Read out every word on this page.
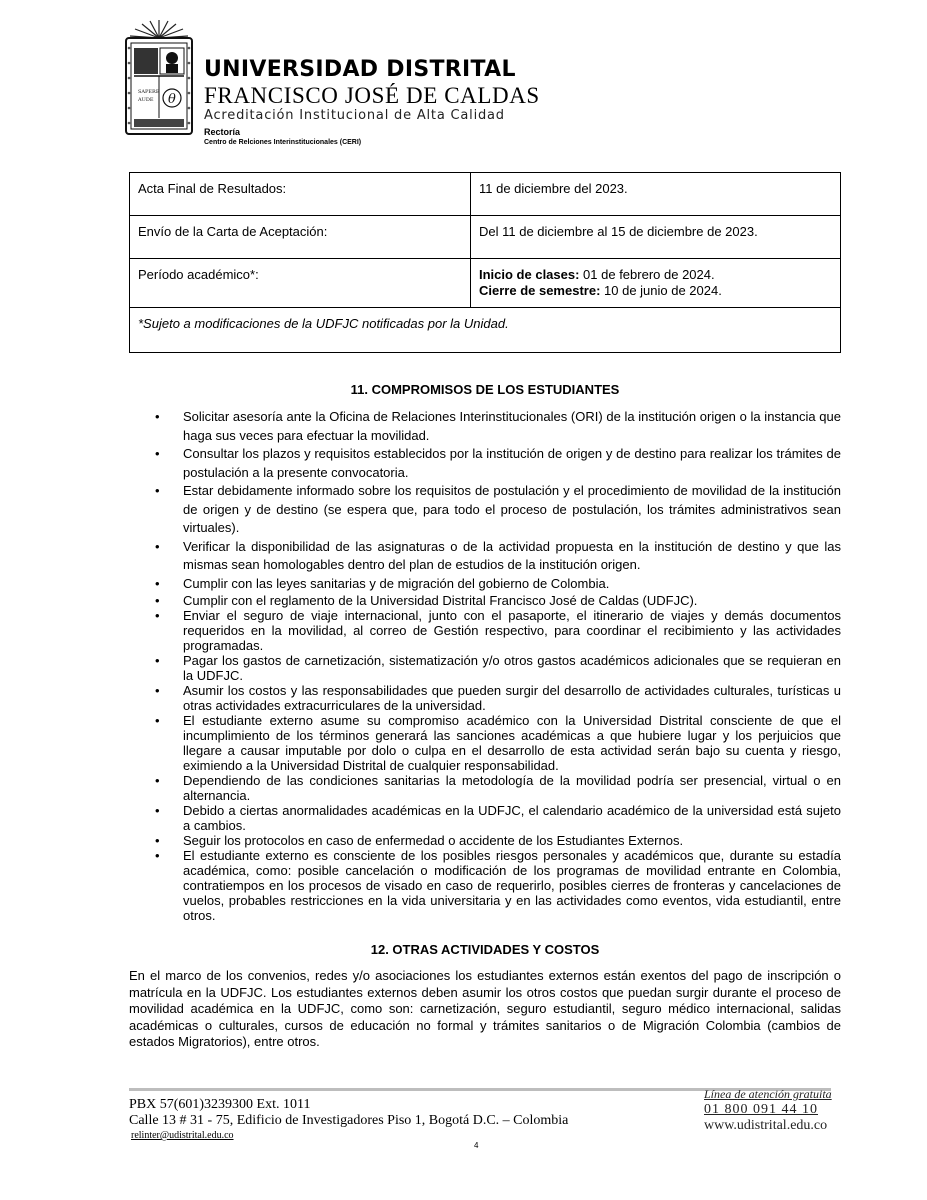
SAPERE
AUDE θ
UNIVERSIDAD DISTRITAL
FRANCISCO JOSÉ DE CALDAS
Acreditación Institucional de Alta Calidad
Rectoría
Centro de Relciones Interinstitucionales (CERI)
Acta Final de Resultados:	11 de diciembre del 2023.
Envío de la Carta de Aceptación:	Del 11 de diciembre al 15 de diciembre de 2023.
Período académico*:	Inicio de clases: 01 de febrero de 2024.
Cierre de semestre: 10 de junio de 2024.

*Sujeto a modificaciones de la UDFJC notificadas por la Unidad.	
11. COMPROMISOS DE LOS ESTUDIANTES
• Solicitar asesoría ante la Oficina de Relaciones Interinstitucionales (ORI) de la institución origen o la instancia que haga sus veces para efectuar la movilidad.
• Consultar los plazos y requisitos establecidos por la institución de origen y de destino para realizar los trámites de postulación a la presente convocatoria.
• Estar debidamente informado sobre los requisitos de postulación y el procedimiento de movilidad de la institución de origen y de destino (se espera que, para todo el proceso de postulación, los trámites administrativos sean virtuales).
• Verificar la disponibilidad de las asignaturas o de la actividad propuesta en la institución de destino y que las mismas sean homologables dentro del plan de estudios de la institución origen.
• Cumplir con las leyes sanitarias y de migración del gobierno de Colombia.
• Cumplir con el reglamento de la Universidad Distrital Francisco José de Caldas (UDFJC).
• Enviar el seguro de viaje internacional, junto con el pasaporte, el itinerario de viajes y demás documentos requeridos en la movilidad, al correo de Gestión respectivo, para coordinar el recibimiento y las actividades programadas.
• Pagar los gastos de carnetización, sistematización y/o otros gastos académicos adicionales que se requieran en la UDFJC.
• Asumir los costos y las responsabilidades que pueden surgir del desarrollo de actividades culturales, turísticas u otras actividades extracurriculares de la universidad.
• El estudiante externo asume su compromiso académico con la Universidad Distrital consciente de que el incumplimiento de los términos generará las sanciones académicas a que hubiere lugar y los perjuicios que llegare a causar imputable por dolo o culpa en el desarrollo de esta actividad serán bajo su cuenta y riesgo, eximiendo a la Universidad Distrital de cualquier responsabilidad.
• Dependiendo de las condiciones sanitarias la metodología de la movilidad podría ser presencial, virtual o en alternancia.
• Debido a ciertas anormalidades académicas en la UDFJC, el calendario académico de la universidad está sujeto a cambios.
• Seguir los protocolos en caso de enfermedad o accidente de los Estudiantes Externos.
• El estudiante externo es consciente de los posibles riesgos personales y académicos que, durante su estadía académica, como: posible cancelación o modificación de los programas de movilidad entrante en Colombia, contratiempos en los procesos de visado en caso de requerirlo, posibles cierres de fronteras y cancelaciones de vuelos, probables restricciones en la vida universitaria y en las actividades como eventos, vida estudiantil, entre otros.
12. OTRAS ACTIVIDADES Y COSTOS

En el marco de los convenios, redes y/o asociaciones los estudiantes externos están exentos del pago de inscripción o matrícula en la UDFJC. Los estudiantes externos deben asumir los otros costos que puedan surgir durante el proceso de movilidad académica en la UDFJC, como son: carnetización, seguro estudiantil, seguro médico internacional, salidas académicas o culturales, cursos de educación no formal y trámites sanitarios o de Migración Colombia (cambios de estados Migratorios), entre otros.

PBX 57(601)3239300 Ext. 1011
Calle 13 # 31 - 75, Edificio de Investigadores Piso 1, Bogotá D.C. – Colombia
relinter@udistrital.edu.co
Línea de atención gratuita
01 800 091 44 10
www.udistrital.edu.co
4
